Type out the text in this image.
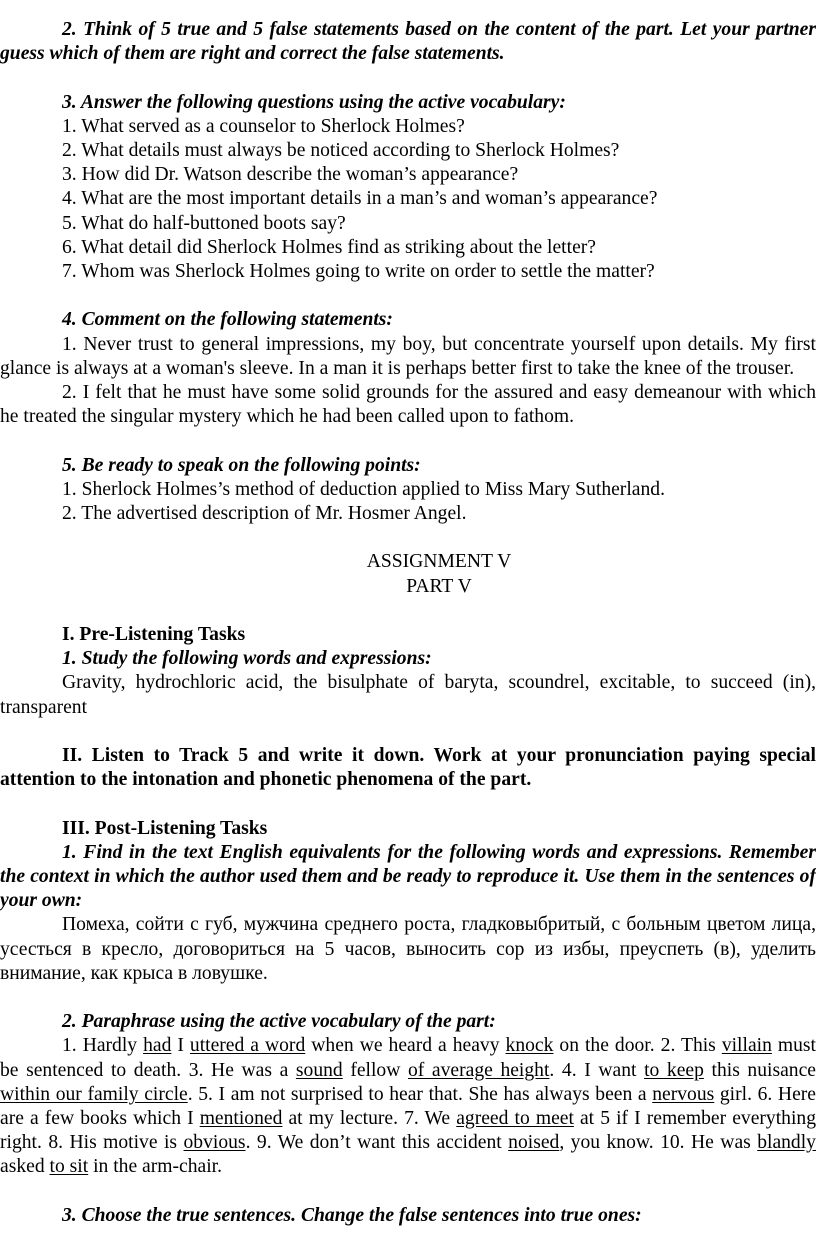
2. Think of 5 true and 5 false statements based on the content of the part. Let your partner guess which of them are right and correct the false statements.

3. Answer the following questions using the active vocabulary:

1. What served as a counselor to Sherlock Holmes?

2. What details must always be noticed according to Sherlock Holmes?

3. How did Dr. Watson describe the woman’s appearance?

4. What are the most important details in a man’s and woman’s appearance?

5. What do half-buttoned boots say?

6. What detail did Sherlock Holmes find as striking about the letter?

7. Whom was Sherlock Holmes going to write on order to settle the matter?

4. Comment on the following statements:

1. Never trust to general impressions, my boy, but concentrate yourself upon details. My first glance is always at a woman's sleeve. In a man it is perhaps better first to take the knee of the trouser.

2. I felt that he must have some solid grounds for the assured and easy demeanour with which he treated the singular mystery which he had been called upon to fathom.

5. Be ready to speak on the following points:

1. Sherlock Holmes’s method of deduction applied to Miss Mary Sutherland.

2. The advertised description of Mr. Hosmer Angel.

ASSIGNMENT V

PART V

I. Pre-Listening Tasks

1. Study the following words and expressions:

Gravity, hydrochloric acid, the bisulphate of baryta, scoundrel, excitable, to succeed (in), transparent

II. Listen to Track 5 and write it down. Work at your pronunciation paying special attention to the intonation and phonetic phenomena of the part.

III. Post-Listening Tasks

1. Find in the text English equivalents for the following words and expressions. Remember the context in which the author used them and be ready to reproduce it. Use them in the sentences of your own:

Помеха, сойти с губ, мужчина среднего роста, гладковыбритый, с больным цветом лица, усесться в кресло, договориться на 5 часов, выносить сор из избы, преуспеть (в), уделить внимание, как крыса в ловушке.

2. Paraphrase using the active vocabulary of the part:

1. Hardly had I uttered a word when we heard a heavy knock on the door. 2. This villain must be sentenced to death. 3. He was a sound fellow of average height. 4. I want to keep this nuisance within our family circle. 5. I am not surprised to hear that. She has always been a nervous girl. 6. Here are a few books which I mentioned at my lecture. 7. We agreed to meet at 5 if I remember everything right. 8. His motive is obvious. 9. We don’t want this accident noised, you know. 10. He was blandly asked to sit in the arm-chair.

3. Choose the true sentences. Change the false sentences into true ones:
